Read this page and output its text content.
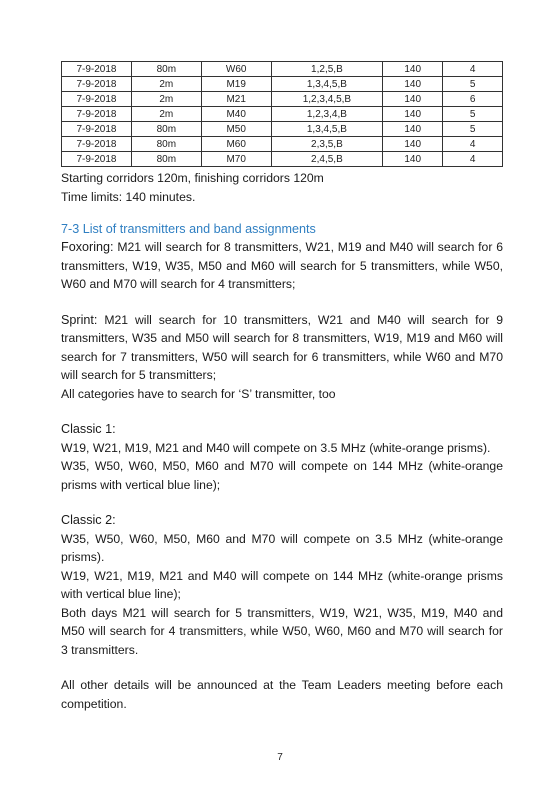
7-9-2018	80m	W60	1,2,5,B	140	4
7-9-2018	2m	M19	1,3,4,5,B	140	5
7-9-2018	2m	M21	1,2,3,4,5,B	140	6
7-9-2018	2m	M40	1,2,3,4,B	140	5
7-9-2018	80m	M50	1,3,4,5,B	140	5
7-9-2018	80m	M60	2,3,5,B	140	4
7-9-2018	80m	M70	2,4,5,B	140	4

Starting corridors 120m, finishing corridors 120m

Time limits: 140 minutes.

7-3 List of transmitters and band assignments

Foxoring: M21 will search for 8 transmitters, W21, M19 and M40 will search for 6 transmitters, W19, W35, M50 and M60 will search for 5 transmitters, while W50, W60 and M70 will search for 4 transmitters;

Sprint: M21 will search for 10 transmitters, W21 and M40 will search for 9 transmitters, W35 and M50 will search for 8 transmitters, W19, M19 and M60 will search for 7 transmitters, W50 will search for 6 transmitters, while W60 and M70 will search for 5 transmitters;

All categories have to search for ‘S’ transmitter, too

Classic 1:

W19, W21, M19, M21 and M40 will compete on 3.5 MHz (white-orange prisms).

W35, W50, W60, M50, M60 and M70 will compete on 144 MHz (white-orange prisms with vertical blue line);

Classic 2:

W35, W50, W60, M50, M60 and M70 will compete on 3.5 MHz (white-orange prisms).

W19, W21, M19, M21 and M40 will compete on 144 MHz (white-orange prisms with vertical blue line);

Both days M21 will search for 5 transmitters, W19, W21, W35, M19, M40 and M50 will search for 4 transmitters, while W50, W60, M60 and M70 will search for 3 transmitters.

All other details will be announced at the Team Leaders meeting before each competition.

7
